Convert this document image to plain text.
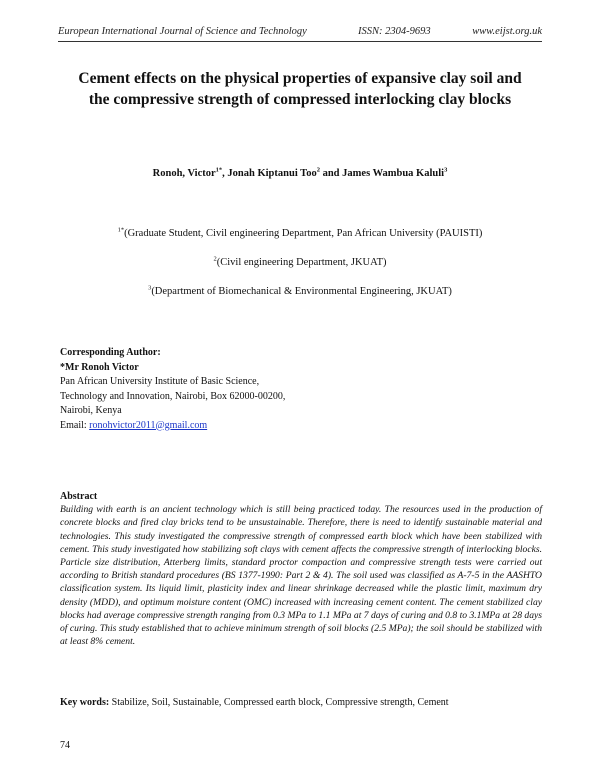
European International Journal of Science and Technology	ISSN: 2304-9693	www.eijst.org.uk

Cement effects on the physical properties of expansive clay soil and
the compressive strength of compressed interlocking clay blocks
Ronoh, Victor$^{1*}$, Jonah Kiptanui Too$^2$ and James Wambua Kaluli$^3$
$^{1*}$(Graduate Student, Civil engineering Department, Pan African University (PAUISTI)
$^2$(Civil engineering Department, JKUAT)
$^3$(Department of Biomechanical & Environmental Engineering, JKUAT)
Corresponding Author:
*Mr Ronoh Victor
Pan African University Institute of Basic Science,
Technology and Innovation, Nairobi, Box 62000-00200,
Nairobi, Kenya
Email: ronohvictor2011@gmail.com
Abstract
Building with earth is an ancient technology which is still being practiced today. The resources used in the production of concrete blocks and fired clay bricks tend to be unsustainable. Therefore, there is need to identify sustainable material and technologies. This study investigated the compressive strength of compressed earth block which have been stabilized with cement. This study investigated how stabilizing soft clays with cement affects the compressive strength of interlocking blocks. Particle size distribution, Atterberg limits, standard proctor compaction and compressive strength tests were carried out according to British standard procedures (BS 1377-1990: Part 2 & 4). The soil used was classified as A-7-5 in the AASHTO classification system. Its liquid limit, plasticity index and linear shrinkage decreased while the plastic limit, maximum dry density (MDD), and optimum moisture content (OMC) increased with increasing cement content. The cement stabilized clay blocks had average compressive strength ranging from 0.3 MPa to 1.1 MPa at 7 days of curing and 0.8 to 3.1MPa at 28 days of curing. This study established that to achieve minimum strength of soil blocks (2.5 MPa); the soil should be stabilized with at least 8% cement.
Key words: Stabilize, Soil, Sustainable, Compressed earth block, Compressive strength, Cement
74
